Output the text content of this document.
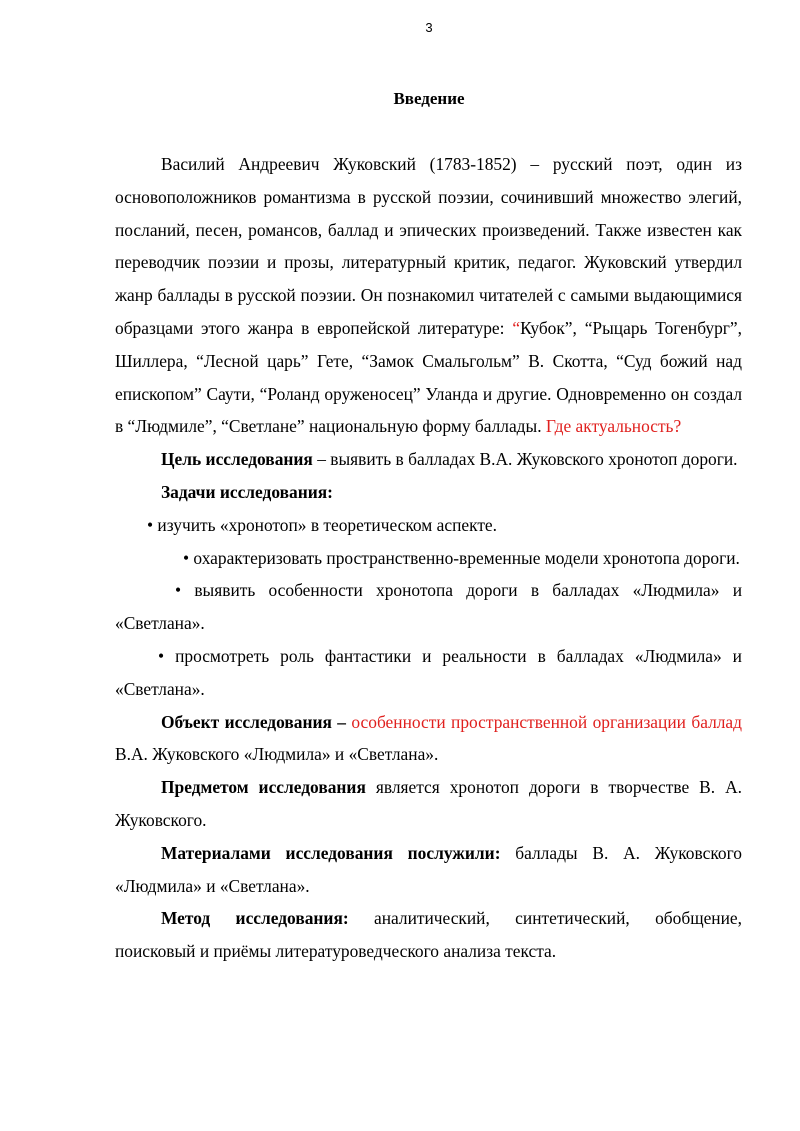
3
Введение

Василий Андреевич Жуковский (1783-1852) – русский поэт, один из основоположников романтизма в русской поэзии, сочинивший множество элегий, посланий, песен, романсов, баллад и эпических произведений. Также известен как переводчик поэзии и прозы, литературный критик, педагог. Жуковский утвердил жанр баллады в русской поэзии. Он познакомил читателей с самыми выдающимися образцами этого жанра в европейской литературе: “Кубок”, “Рыцарь Тогенбург”, Шиллера, “Лесной царь” Гете, “Замок Смальгольм” В. Скотта, “Суд божий над епископом” Саути, “Роланд оруженосец” Уланда и другие. Одновременно он создал в “Людмиле”, “Светлане” национальную форму баллады. Где актуальность?

Цель исследования – выявить в балладах В.А. Жуковского хронотоп дороги.

Задачи исследования:

• изучить «хронотоп» в теоретическом аспекте.

• охарактеризовать пространственно-временные модели хронотопа дороги.

• выявить особенности хронотопа дороги в балладах «Людмила» и «Светлана».

• просмотреть роль фантастики и реальности в балладах «Людмила» и «Светлана».

Объект исследования – особенности пространственной организации баллад В.А. Жуковского «Людмила» и «Светлана».

Предметом исследования является хронотоп дороги в творчестве В. А. Жуковского.

Материалами исследования послужили: баллады В. А. Жуковского «Людмила» и «Светлана».

Метод исследования: аналитический, синтетический, обобщение, поисковый и приёмы литературоведческого анализа текста.
